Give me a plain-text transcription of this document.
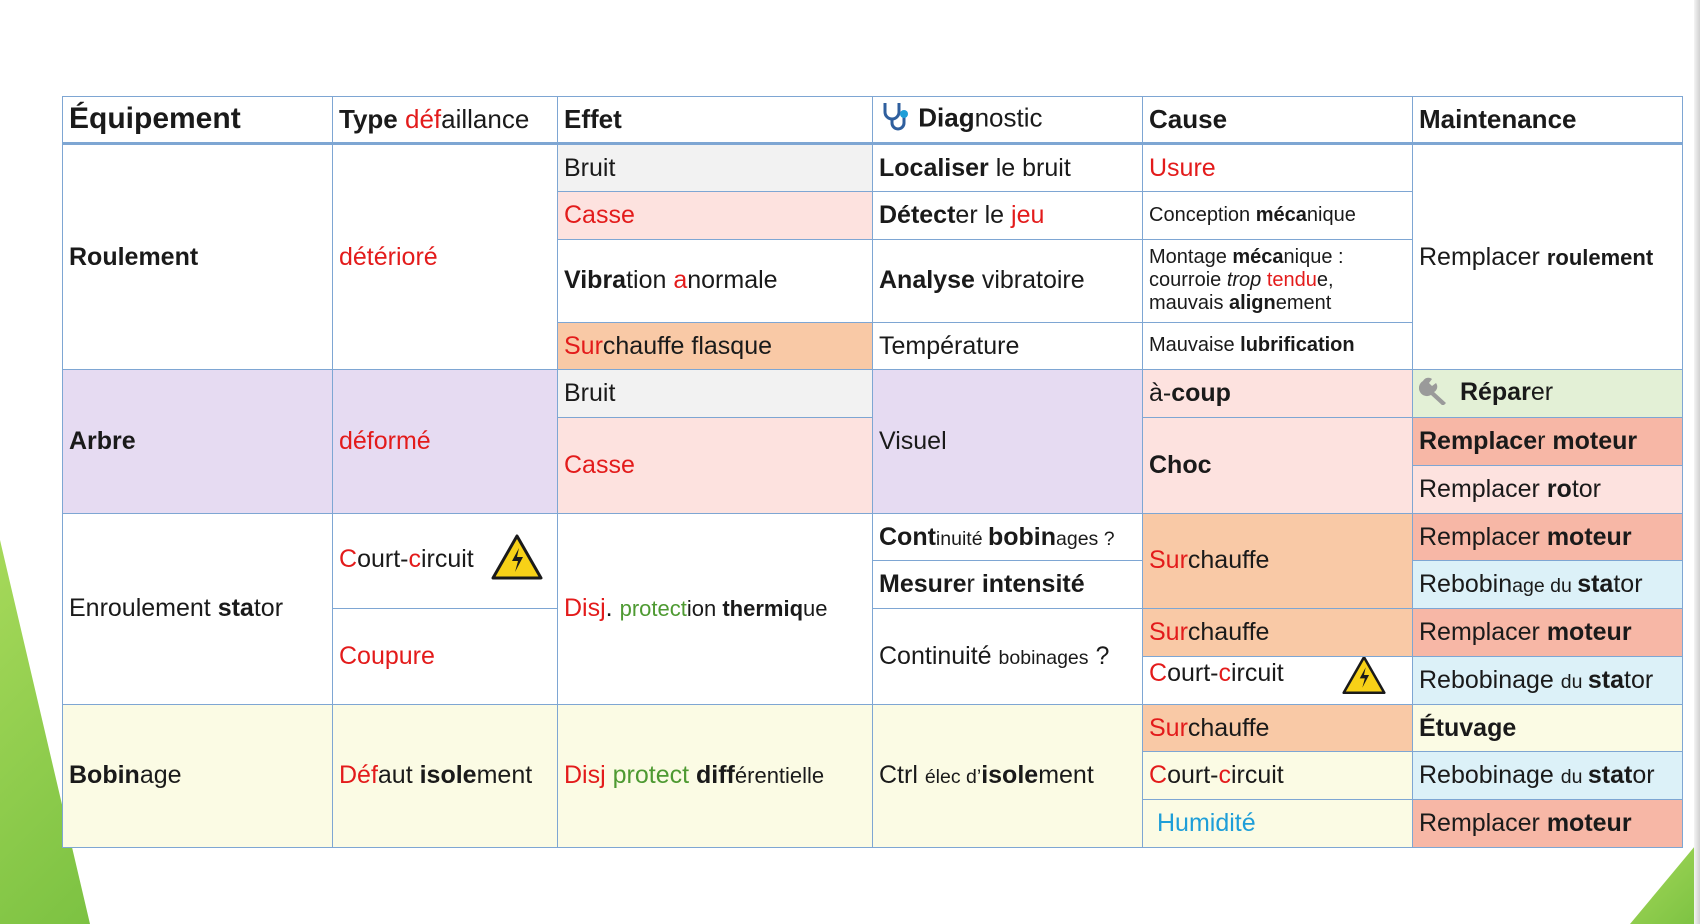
Équipement	Type défaillance	Effet	Diagnostic	Cause	Maintenance
Roulement	détérioré	Bruit	Localiser le bruit	Usure	Remplacer roulement
		Casse	Détecter le jeu	Conception mécanique	
		Vibration anormale	Analyse vibratoire	Montage mécanique :
courroie trop tendue,
mauvais alignement	
		Surchauffe flasque	Température	Mauvaise lubrification	
Arbre	déformé	Bruit	Visuel	à-coup	Réparer
		Casse		Choc	Remplacer moteur
					Remplacer rotor
Enroulement stator	Court-circuit	Disj. protection thermique	Continuité bobinages ?	Surchauffe	Remplacer moteur
			Mesurer intensité		Rebobinage du stator
	Coupure		Continuité bobinages ?	Surchauffe	Remplacer moteur
				Court-circuit	Rebobinage du stator
Bobinage	Défaut isolement	Disj protect différentielle	Ctrl élec d’isolement	Surchauffe	Étuvage
				Court-circuit	Rebobinage du stator
				Humidité	Remplacer moteur
